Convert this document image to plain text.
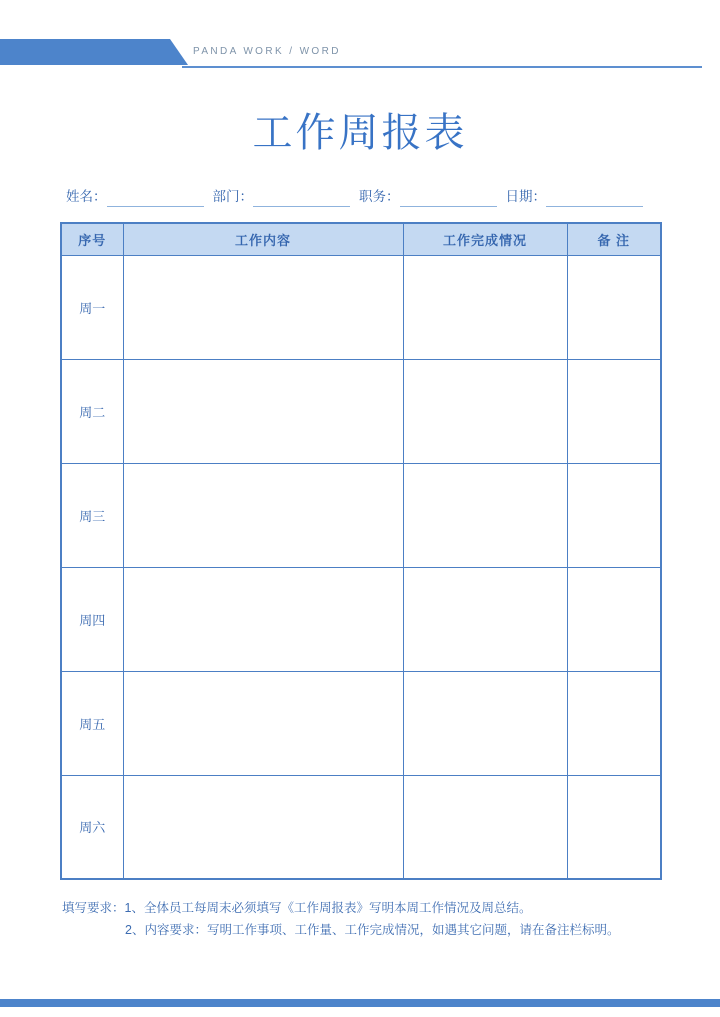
PANDA WORK / WORD
工作周报表
姓名：	部门：	职务：	日期：
序号	工作内容	工作完成情况	备 注
周一			
周二			
周三			
周四			
周五			
周六			
填写要求：1、全体员工每周末必须填写《工作周报表》写明本周工作情况及周总结。
2、内容要求：写明工作事项、工作量、工作完成情况，如遇其它问题，请在备注栏标明。
